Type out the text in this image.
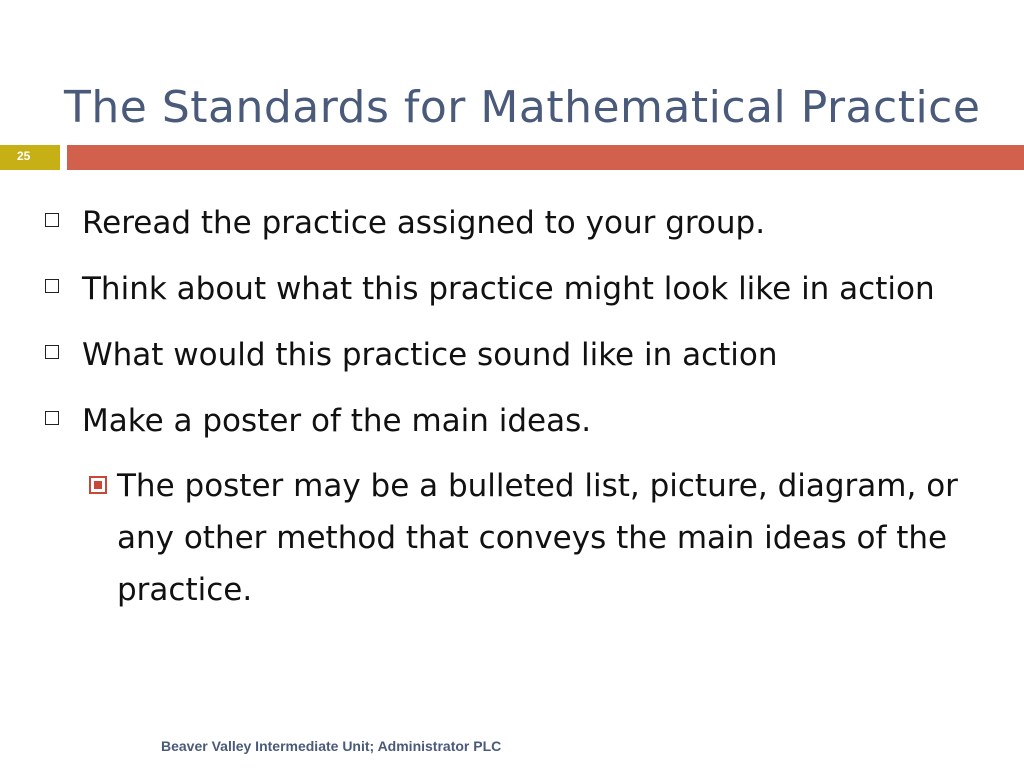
The Standards for Mathematical Practice
25
Reread the practice assigned to your group.
Think about what this practice might look like in action
What would this practice sound like in action
Make a poster of the main ideas.
The poster may be a bulleted list, picture, diagram, or any other method that conveys the main ideas of the practice.
Beaver Valley Intermediate Unit; Administrator PLC
